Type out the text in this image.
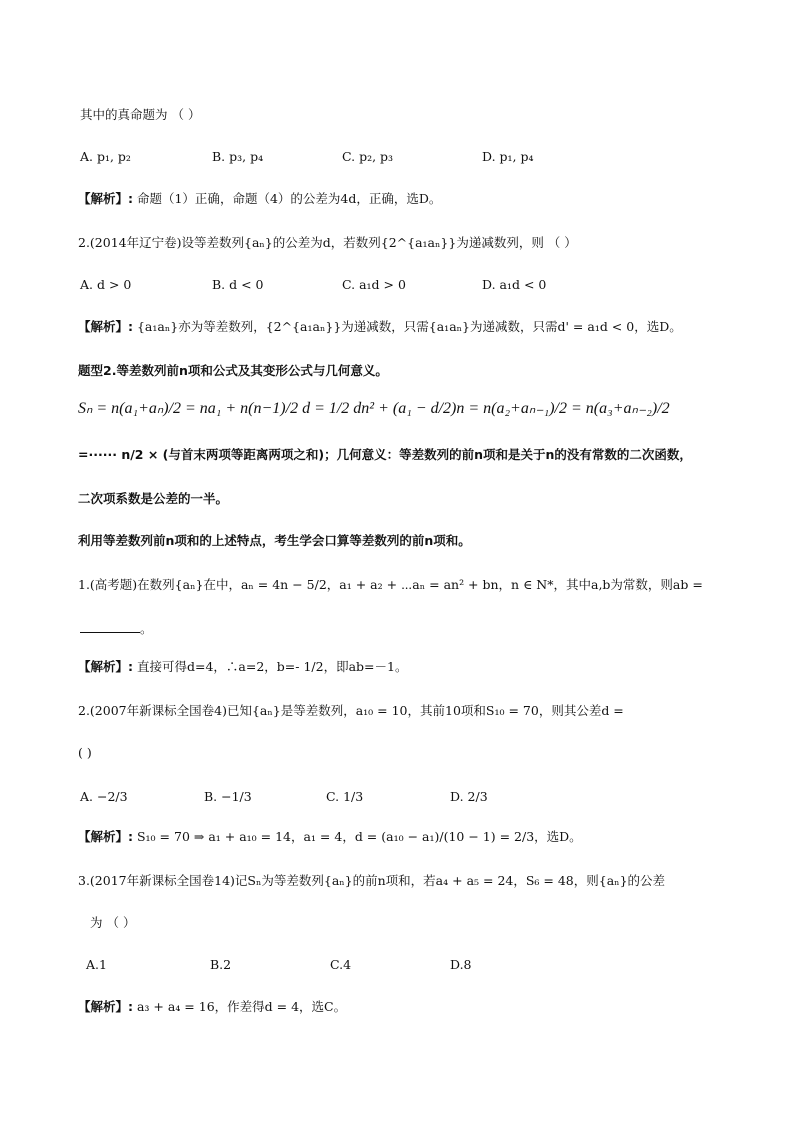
其中的真命题为 （ ）
A. p₁, p₂	B. p₃, p₄	C. p₂, p₃	D. p₁, p₄
【解析】: 命题（1）正确，命题（4）的公差为4d，正确，选D。
2.(2014年辽宁卷)设等差数列{aₙ}的公差为d，若数列{2^{a₁aₙ}}为递减数列，则 （ ）
A. d > 0	B. d < 0	C. a₁d > 0	D. a₁d < 0
【解析】: {a₁aₙ}亦为等差数列，{2^{a₁aₙ}}为递减数，只需{a₁aₙ}为递减数，只需d' = a₁d < 0，选D。
题型2.等差数列前n项和公式及其变形公式与几何意义。
Sₙ = n(a₁+aₙ)/2 = na₁ + n(n−1)/2 d = 1/2 dn² + (a₁ − d/2)n = n(a₂+aₙ₋₁)/2 = n(a₃+aₙ₋₂)/2
=······ n/2 × (与首末两项等距离两项之和)；几何意义：等差数列的前n项和是关于n的没有常数的二次函数，
二次项系数是公差的一半。
利用等差数列前n项和的上述特点，考生学会口算等差数列的前n项和。
1.(高考题)在数列{aₙ}在中，aₙ = 4n − 5/2，a₁ + a₂ + ⋯aₙ = an² + bn，n ∈ N*，其中a,b为常数，则ab =
。
【解析】: 直接可得d=4，∴a=2，b=- 1/2，即ab=－1。
2.(2007年新课标全国卷4)已知{aₙ}是等差数列，a₁₀ = 10，其前10项和S₁₀ = 70，则其公差d =
( )
A. −2/3	B. −1/3	C. 1/3	D. 2/3
【解析】: S₁₀ = 70 ⇒ a₁ + a₁₀ = 14，a₁ = 4，d = (a₁₀ − a₁)/(10 − 1) = 2/3，选D。
3.(2017年新课标全国卷14)记Sₙ为等差数列{aₙ}的前n项和，若a₄ + a₅ = 24，S₆ = 48，则{aₙ}的公差
为 （ ）
A.1	B.2	C.4	D.8
【解析】: a₃ + a₄ = 16，作差得d = 4，选C。
